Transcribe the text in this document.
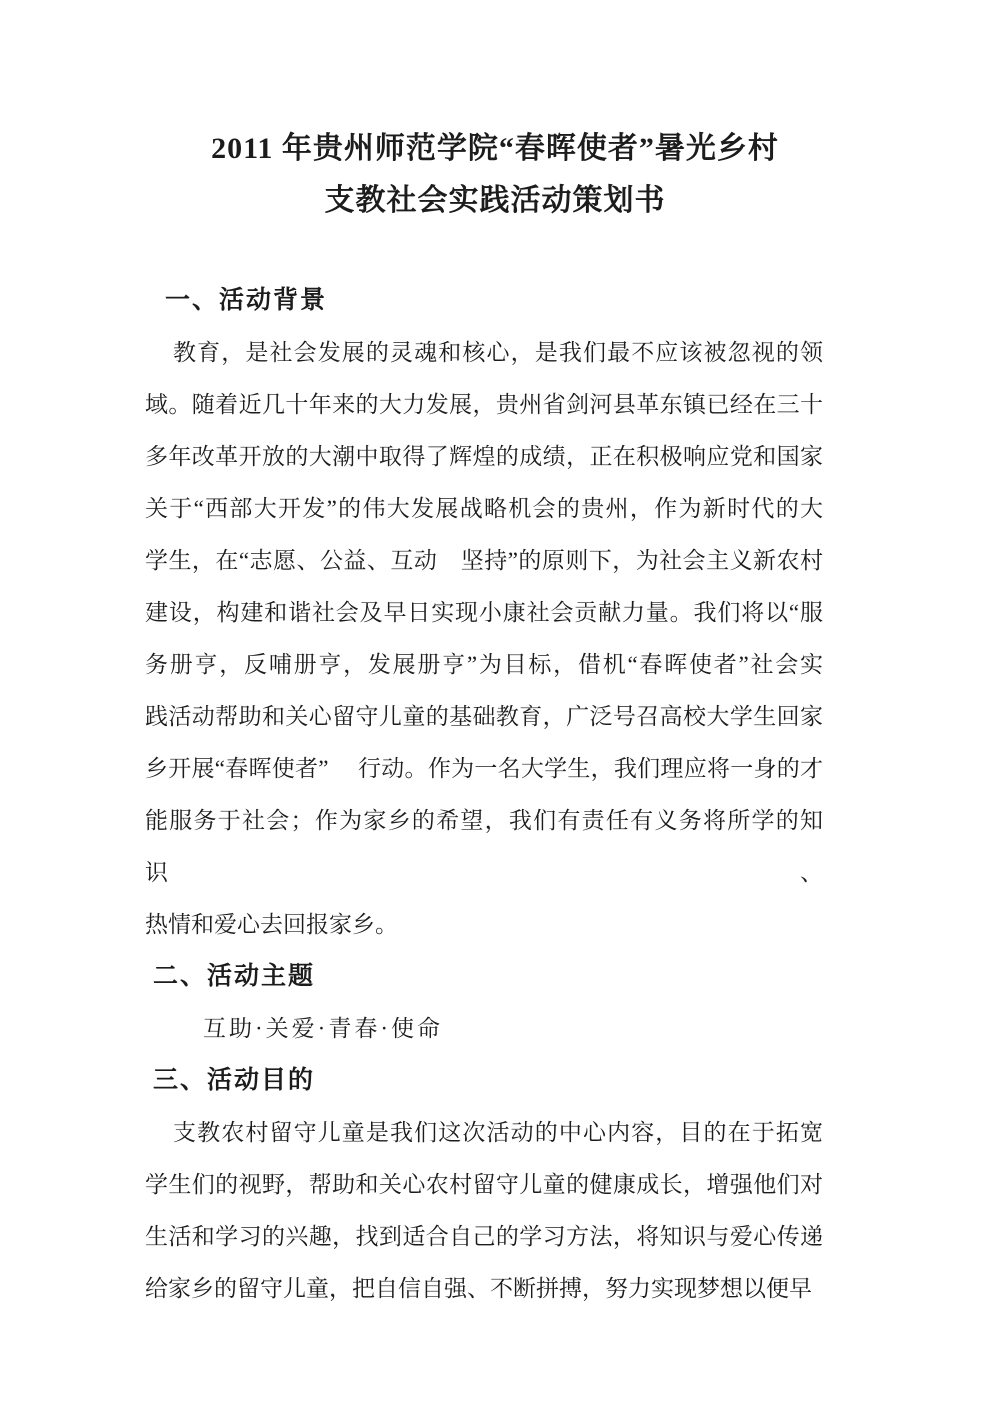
2011 年贵州师范学院“春晖使者”暑光乡村
支教社会实践活动策划书
一、活动背景
教育，是社会发展的灵魂和核心，是我们最不应该被忽视的领
域。随着近几十年来的大力发展，贵州省剑河县革东镇已经在三十
多年改革开放的大潮中取得了辉煌的成绩，正在积极响应党和国家
关于“西部大开发”的伟大发展战略机会的贵州，作为新时代的大
学生，在“志愿、公益、互动　坚持”的原则下，为社会主义新农村
建设，构建和谐社会及早日实现小康社会贡献力量。我们将以“服
务册亨，反哺册亨，发展册亨”为目标，借机“春晖使者”社会实
践活动帮助和关心留守儿童的基础教育，广泛号召高校大学生回家
乡开展“春晖使者”　 行动。作为一名大学生，我们理应将一身的才
能服务于社会；作为家乡的希望，我们有责任有义务将所学的知识、
热情和爱心去回报家乡。
二、活动主题
互助·关爱·青春·使命
三、活动目的
支教农村留守儿童是我们这次活动的中心内容，目的在于拓宽
学生们的视野，帮助和关心农村留守儿童的健康成长，增强他们对
生活和学习的兴趣，找到适合自己的学习方法，将知识与爱心传递
给家乡的留守儿童，把自信自强、不断拼搏，努力实现梦想以便早
